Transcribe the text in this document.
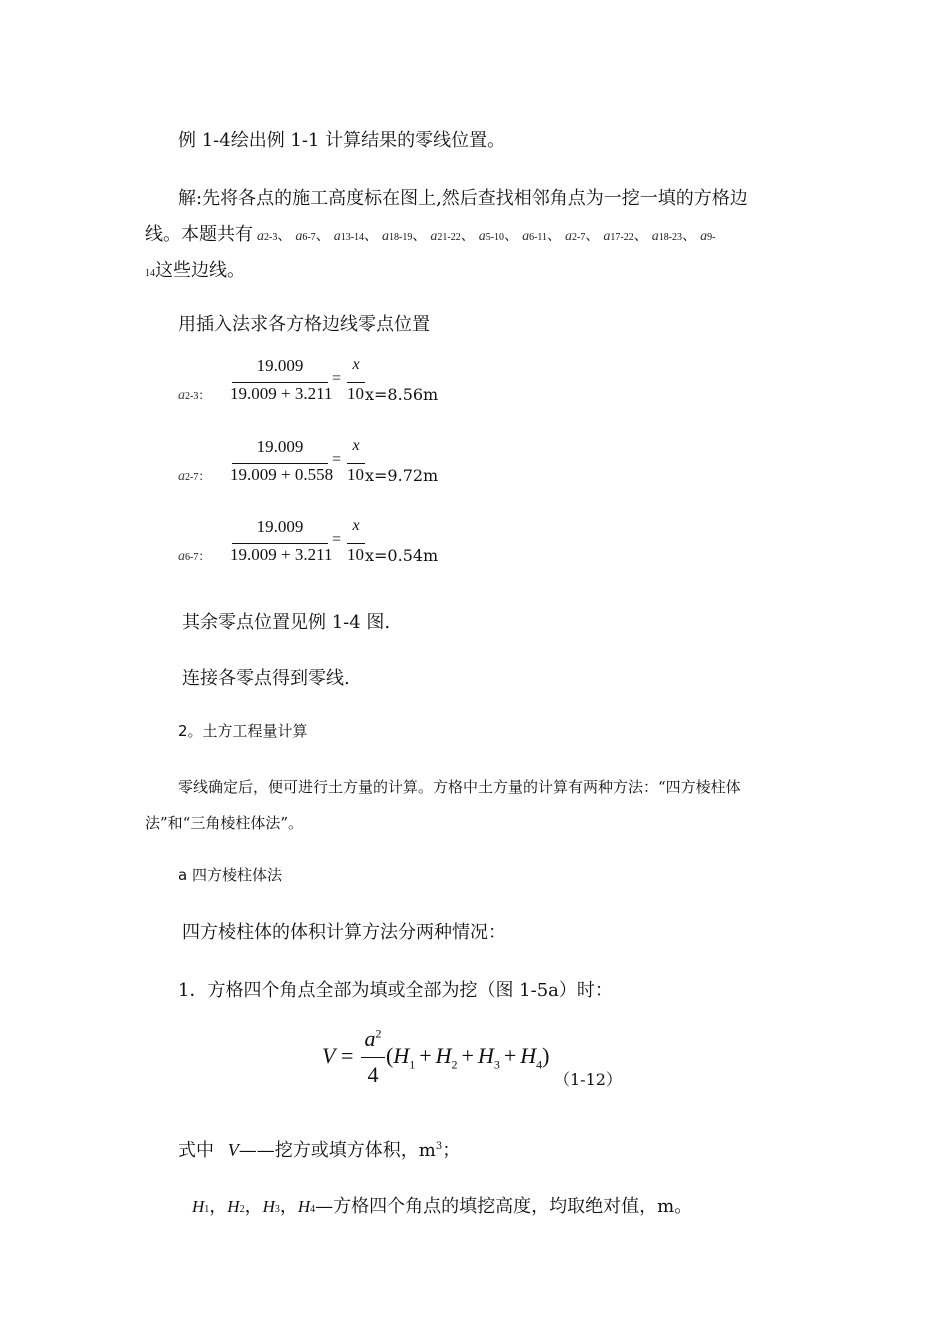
例 1-4绘出例 1-1 计算结果的零线位置。
解:先将各点的施工高度标在图上,然后查找相邻角点为一挖一填的方格边
线。本题共有 a2-3、 a6-7、 a13-14、 a18-19、 a21-22、 a5-10、 a6-11、 a2-7、 a17-22、 a18-23、 a9-
14这些边线。
用插入法求各方格边线零点位置
a2-3：
19.009
19.009 + 3.211
=
x
10 x=8.56m
a2-7：
19.009
19.009 + 0.558
=
x
10 x=9.72m
a6-7：
19.009
19.009 + 3.211
=
x
10 x=0.54m
其余零点位置见例 1-4 图.
连接各零点得到零线.
2。土方工程量计算
零线确定后，便可进行土方量的计算。方格中土方量的计算有两种方法：“四方棱柱体
法”和“三角棱柱体法”。
a 四方棱柱体法
四方棱柱体的体积计算方法分两种情况：
1．方格四个角点全部为填或全部为挖（图 1-5a）时：
V =
$a^2$
4
$(H_1 + H_2 + H_3 + H_4)$
（1-12）
式中 V——挖方或填方体积，$m^3$；
H1，H2，H3，H4—方格四个角点的填挖高度，均取绝对值，m。
